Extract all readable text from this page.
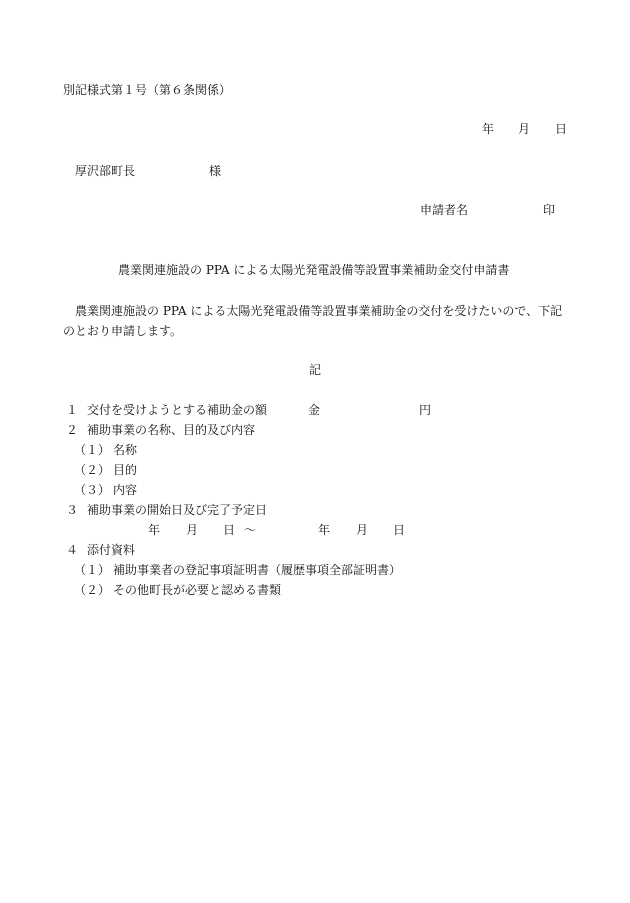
別記様式第１号（第６条関係）
年 月 日
厚沢部町長	様
申請者名	印
農業関連施設の PPA による太陽光発電設備等設置事業補助金交付申請書
　農業関連施設の PPA による太陽光発電設備等設置事業補助金の交付を受けたいので、下記
のとおり申請します。
記
１ 交付を受けようとする補助金の額	金	円
２ 補助事業の名称、目的及び内容
（１） 名称
（２） 目的
（３） 内容
３ 補助事業の開始日及び完了予定日
年 月 日 ～	年 月 日
４ 添付資料
（１） 補助事業者の登記事項証明書（履歴事項全部証明書）
（２） その他町長が必要と認める書類
